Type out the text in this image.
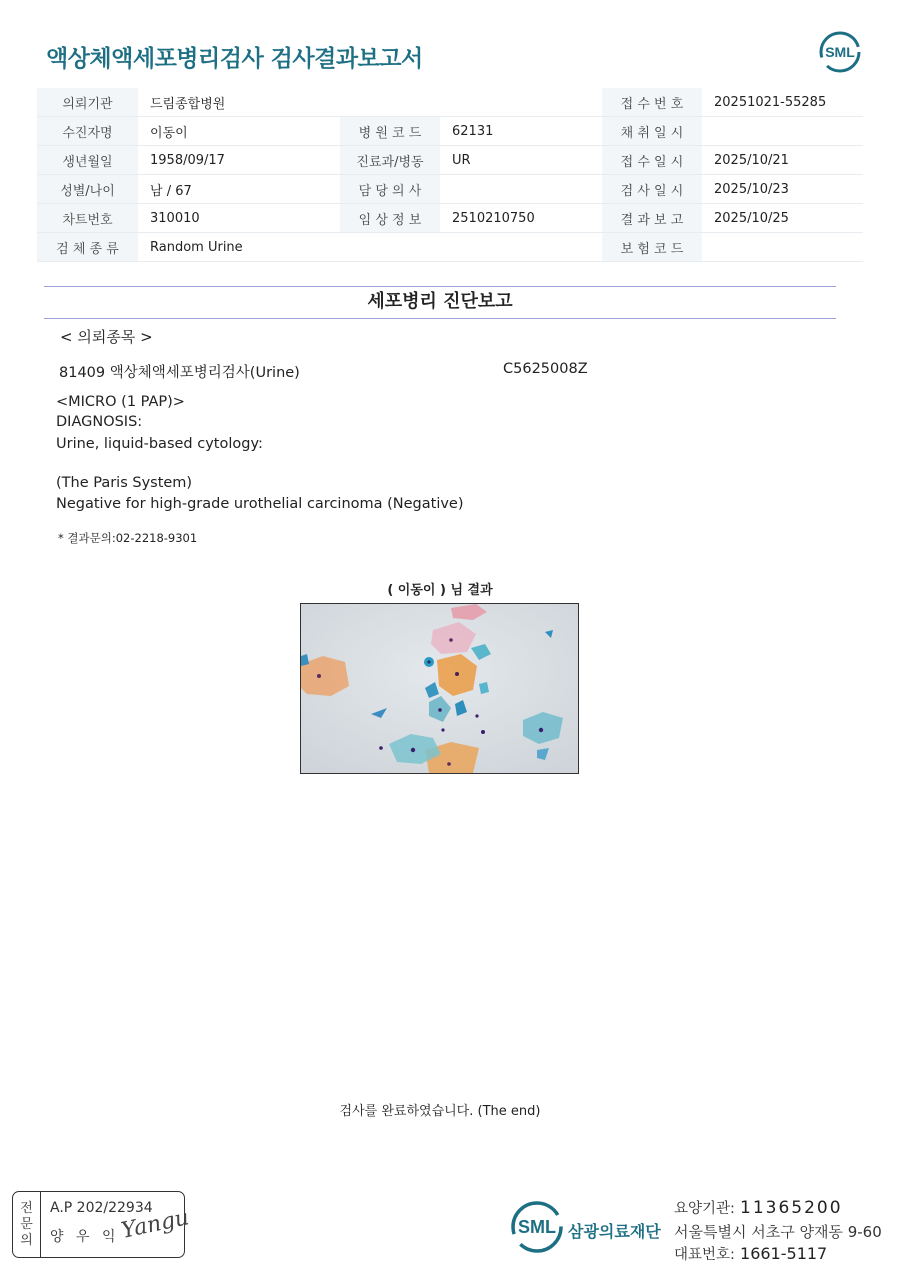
액상체액세포병리검사 검사결과보고서	SML
의뢰기관	드림종합병원			접 수 번 호	20251021-55285
수진자명	이동이	병 원 코 드	62131	채 취 일 시	
생년월일	1958/09/17	진료과/병동	UR	접 수 일 시	2025/10/21
성별/나이	남 / 67	담 당 의 사		검 사 일 시	2025/10/23
차트번호	310010	임 상 정 보	2510210750	결 과 보 고	2025/10/25
검 체 종 류	Random Urine			보 험 코 드	
세포병리 진단보고
< 의뢰종목 >
81409 액상체액세포병리검사(Urine)	C5625008Z
<MICRO (1 PAP)>
DIAGNOSIS:
Urine, liquid-based cytology:
(The Paris System)
Negative for high-grade urothelial carcinoma (Negative)
* 결과문의:02-2218-9301
( 이동이 ) 님 결과
검사를 완료하였습니다. (The end)
전
문
의
A.P 202/22934
양 우 익 Yangu	SML 삼광의료재단
요양기관: 11365200
서울특별시 서초구 양재동 9-60
대표번호: 1661-5117
